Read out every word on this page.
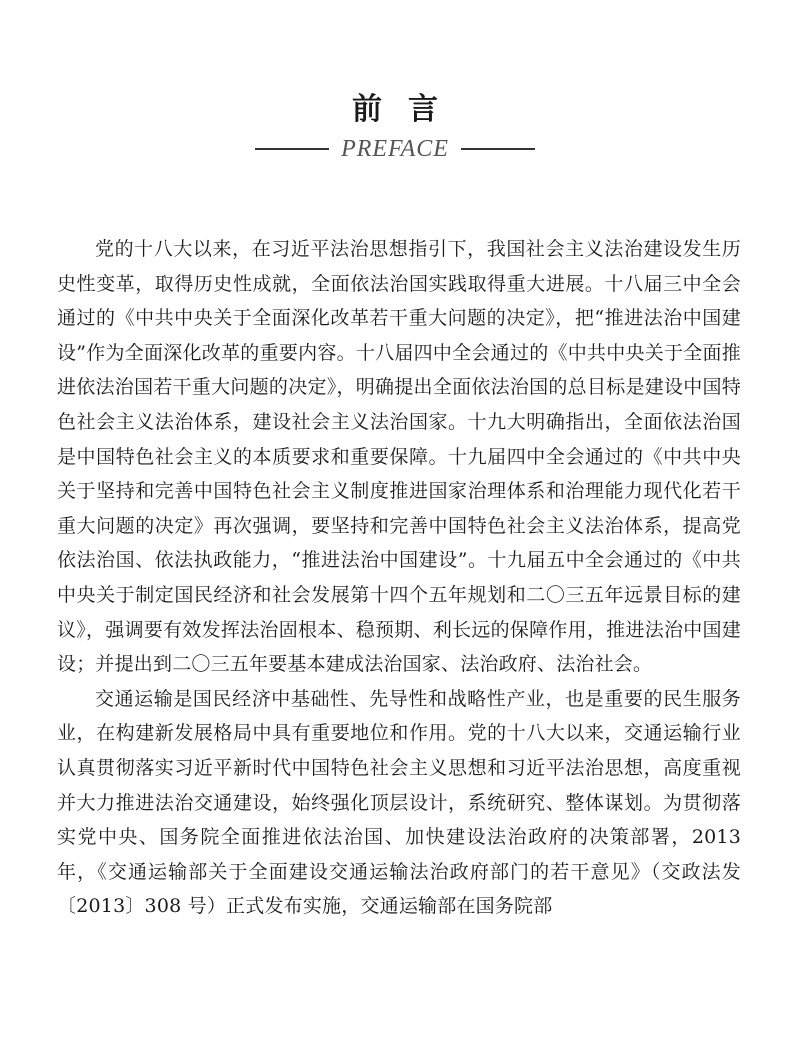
前言
PREFACE

党的十八大以来，在习近平法治思想指引下，我国社会主义法治建设发生历史性变革，取得历史性成就，全面依法治国实践取得重大进展。十八届三中全会通过的《中共中央关于全面深化改革若干重大问题的决定》，把“推进法治中国建设”作为全面深化改革的重要内容。十八届四中全会通过的《中共中央关于全面推进依法治国若干重大问题的决定》，明确提出全面依法治国的总目标是建设中国特色社会主义法治体系，建设社会主义法治国家。十九大明确指出，全面依法治国是中国特色社会主义的本质要求和重要保障。十九届四中全会通过的《中共中央关于坚持和完善中国特色社会主义制度推进国家治理体系和治理能力现代化若干重大问题的决定》再次强调，要坚持和完善中国特色社会主义法治体系，提高党依法治国、依法执政能力，“推进法治中国建设”。十九届五中全会通过的《中共中央关于制定国民经济和社会发展第十四个五年规划和二〇三五年远景目标的建议》，强调要有效发挥法治固根本、稳预期、利长远的保障作用，推进法治中国建设；并提出到二〇三五年要基本建成法治国家、法治政府、法治社会。

交通运输是国民经济中基础性、先导性和战略性产业，也是重要的民生服务业，在构建新发展格局中具有重要地位和作用。党的十八大以来，交通运输行业认真贯彻落实习近平新时代中国特色社会主义思想和习近平法治思想，高度重视并大力推进法治交通建设，始终强化顶层设计，系统研究、整体谋划。为贯彻落实党中央、国务院全面推进依法治国、加快建设法治政府的决策部署，2013 年，《交通运输部关于全面建设交通运输法治政府部门的若干意见》（交政法发〔2013〕308 号）正式发布实施，交通运输部在国务院部
